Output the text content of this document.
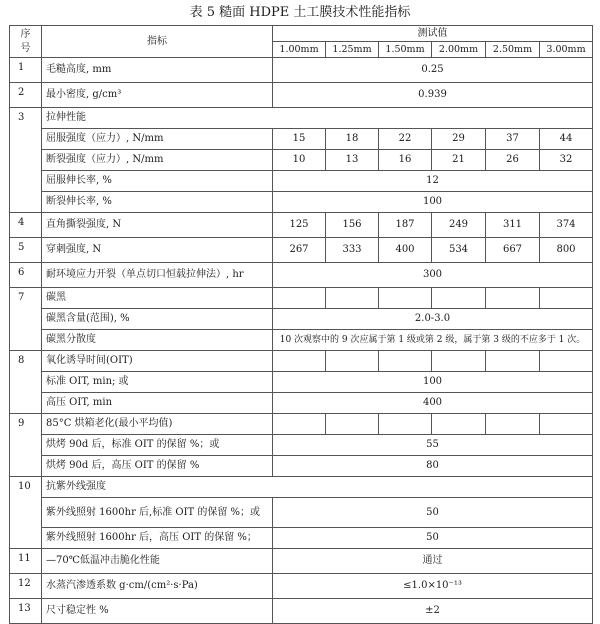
表 5 糙面 HDPE 土工膜技术性能指标
序号	指标	测试值					
		1.00mm	1.25mm	1.50mm	2.00mm	2.50mm	3.00mm
1	毛糙高度, mm	0.25					
2	最小密度, g/cm³	0.939					
3	拉伸性能						
	屈服强度（应力）, N/mm	15	18	22	29	37	44
	断裂强度（应力）, N/mm	10	13	16	21	26	32
	屈服伸长率, %	12					
	断裂伸长率, %	100					
4	直角撕裂强度, N	125	156	187	249	311	374
5	穿刺强度, N	267	333	400	534	667	800
6	耐环境应力开裂（单点切口恒载拉伸法）, hr	300					
7	碳黑						
	碳黑含量(范围), %	2.0-3.0					
	碳黑分散度	10 次观察中的 9 次应属于第 1 级或第 2 级，属于第 3 级的不应多于 1 次。					
8	氧化诱导时间(OIT)						
	标准 OIT, min; 或	100					
	高压 OIT, min	400					
9	85°C 烘箱老化(最小平均值)						
	烘烤 90d 后，标准 OIT 的保留 %；或	55					
	烘烤 90d 后，高压 OIT 的保留 %	80					
10	抗紫外线强度						
	紫外线照射 1600hr 后,标准 OIT 的保留 %；或	50					
	紫外线照射 1600hr 后，高压 OIT 的保留 %；	50					
11	—70℃低温冲击脆化性能	通过					
12	水蒸汽渗透系数 g·cm/(cm²·s·Pa)	≤1.0×10⁻¹³					
13	尺寸稳定性 %	±2					
